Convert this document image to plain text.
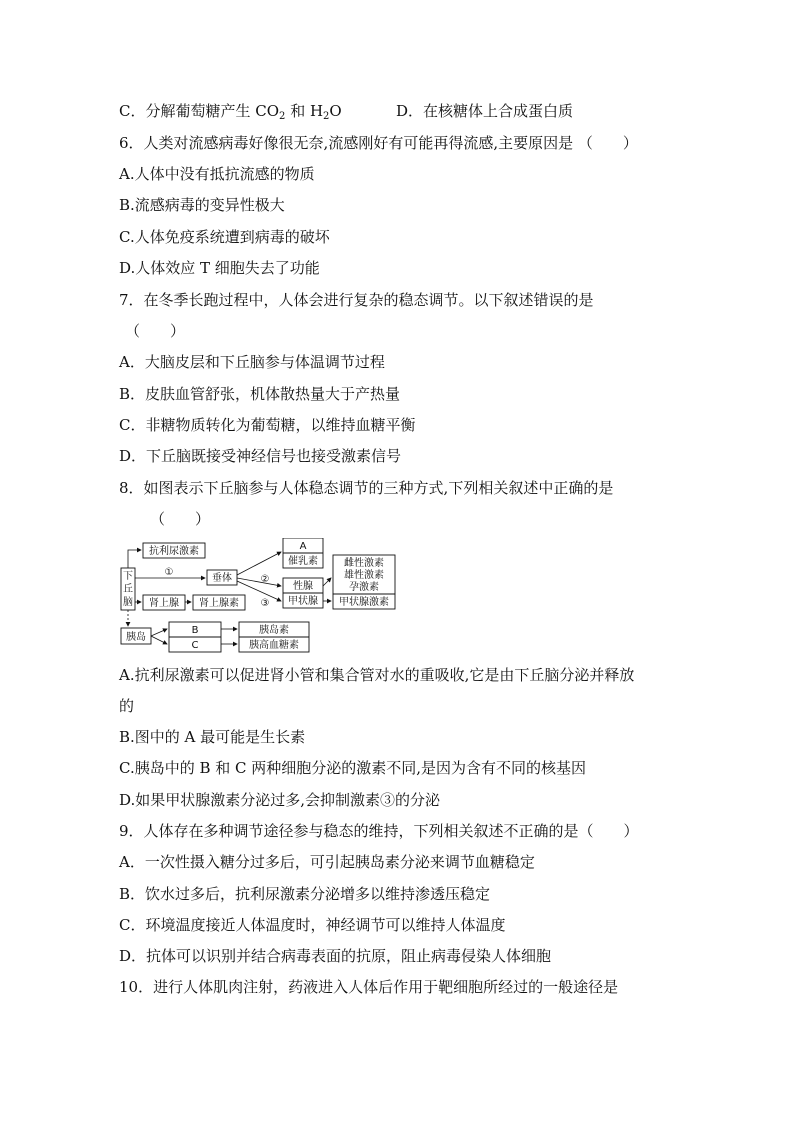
C．分解葡萄糖产生 $CO_2$ 和 $H_2O$	D．在核糖体上合成蛋白质
6．人类对流感病毒好像很无奈,流感刚好有可能再得流感,主要原因是 （　　）
A.人体中没有抵抗流感的物质
B.流感病毒的变异性极大
C.人体免疫系统遭到病毒的破坏
D.人体效应 T 细胞失去了功能
7．在冬季长跑过程中，人体会进行复杂的稳态调节。以下叙述错误的是
（　　）
A．大脑皮层和下丘脑参与体温调节过程
B．皮肤血管舒张，机体散热量大于产热量
C．非糖物质转化为葡萄糖，以维持血糖平衡
D．下丘脑既接受神经信号也接受激素信号
8．如图表示下丘脑参与人体稳态调节的三种方式,下列相关叙述中正确的是
（　　）
下
丘
脑
抗利尿激素
垂体
A
催乳素
性腺
甲状腺
雌性激素
雄性激素
孕激素
甲状腺激素
肾上腺 肾上腺素
胰岛
B
C
胰岛素
胰高血糖素
①
②
③
A.抗利尿激素可以促进肾小管和集合管对水的重吸收,它是由下丘脑分泌并释放
的
B.图中的 A 最可能是生长素
C.胰岛中的 B 和 C 两种细胞分泌的激素不同,是因为含有不同的核基因
D.如果甲状腺激素分泌过多,会抑制激素③的分泌
9．人体存在多种调节途径参与稳态的维持，下列相关叙述不正确的是（　　）
A．一次性摄入糖分过多后，可引起胰岛素分泌来调节血糖稳定
B．饮水过多后，抗利尿激素分泌增多以维持渗透压稳定
C．环境温度接近人体温度时，神经调节可以维持人体温度
D．抗体可以识别并结合病毒表面的抗原，阻止病毒侵染人体细胞
10．进行人体肌肉注射，药液进入人体后作用于靶细胞所经过的一般途径是
